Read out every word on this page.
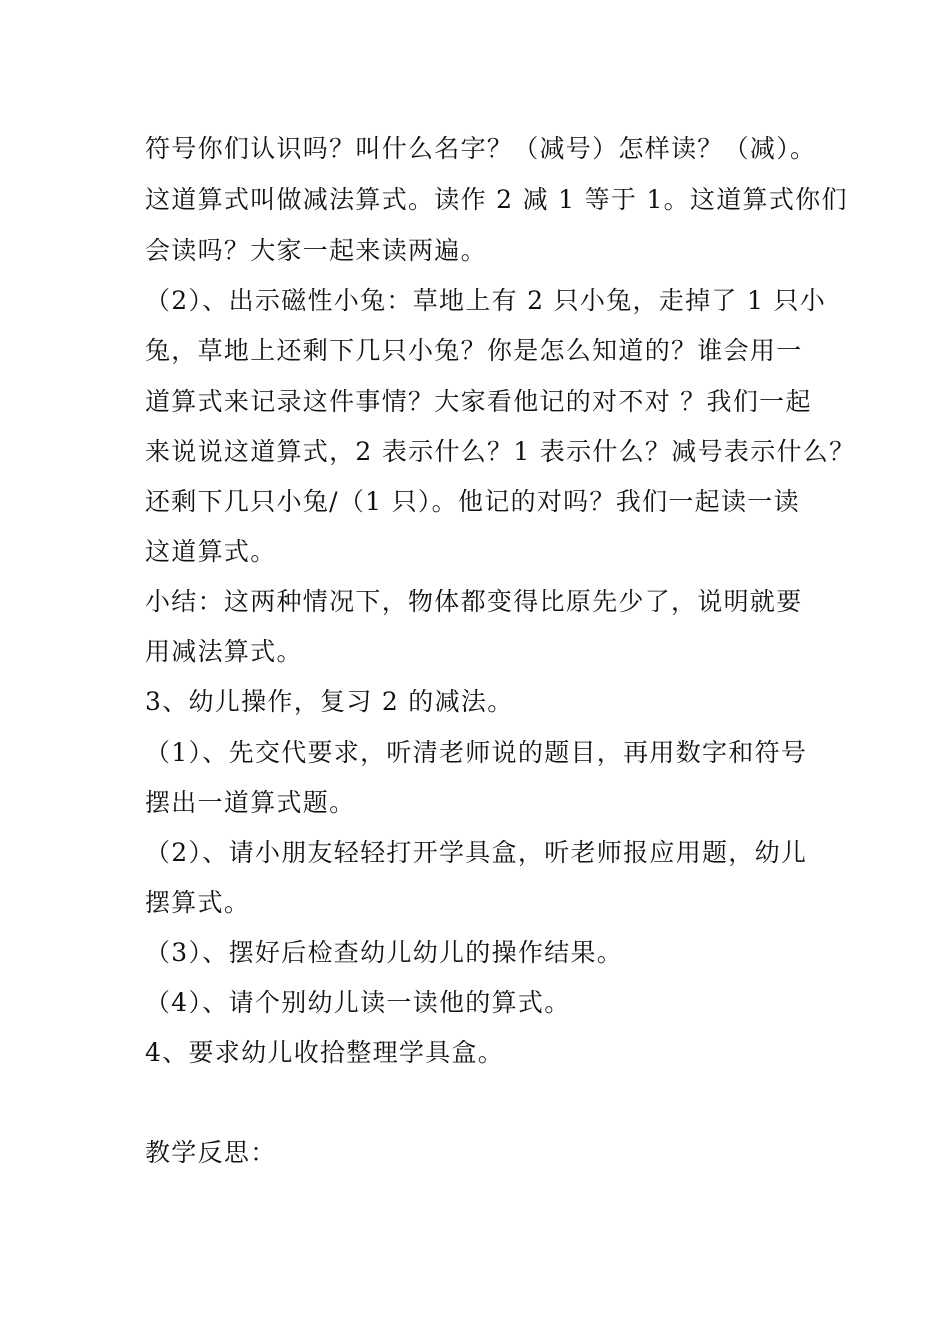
符号你们认识吗？叫什么名字？（减号）怎样读？（减）。
这道算式叫做减法算式。读作 2 减 1 等于 1。这道算式你们
会读吗？大家一起来读两遍。
（2）、出示磁性小兔：草地上有 2 只小兔，走掉了 1 只小
兔，草地上还剩下几只小兔？你是怎么知道的？谁会用一
道算式来记录这件事情？大家看他记的对不对 ？我们一起
来说说这道算式，2 表示什么？1 表示什么？减号表示什么？
还剩下几只小兔/（1 只）。他记的对吗？我们一起读一读
这道算式。
小结：这两种情况下，物体都变得比原先少了，说明就要
用减法算式。
3、幼儿操作，复习 2 的减法。
（1）、先交代要求，听清老师说的题目，再用数字和符号
摆出一道算式题。
（2）、请小朋友轻轻打开学具盒，听老师报应用题，幼儿
摆算式。
（3）、摆好后检查幼儿幼儿的操作结果。
（4）、请个别幼儿读一读他的算式。
4、要求幼儿收拾整理学具盒。
教学反思：
